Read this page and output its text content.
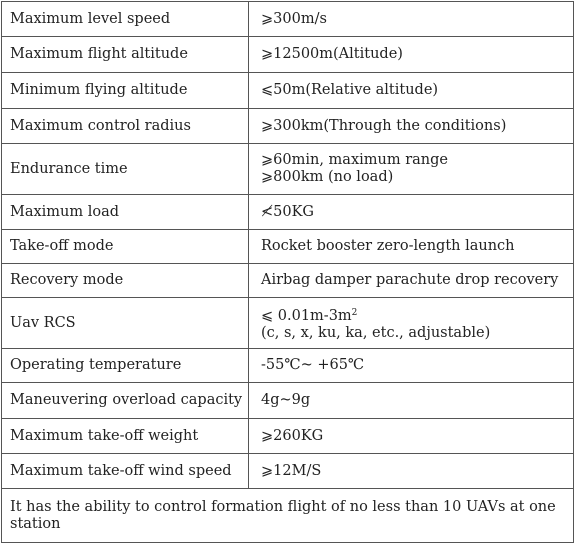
Maximum level speed	⩾300m/s

Maximum flight altitude	⩾12500m(Altitude)

Minimum flying altitude	⩽50m(Relative altitude)

Maximum control radius	⩾300km(Through the conditions)

Endurance time	⩾60min, maximum range
⩾800km (no load)

Maximum load	≮50KG

Take-off mode	Rocket booster zero-length launch

Recovery mode	Airbag damper parachute drop recovery

Uav RCS	⩽ $0.01m-3m^2$
(c, s, x, ku, ka, etc., adjustable)

Operating temperature	-55℃~ +65℃

Maneuvering overload capacity	4g~9g

Maximum take-off weight	⩾260KG

Maximum take-off wind speed	⩾12M/S

It has the ability to control formation flight of no less than 10 UAVs at one station	
